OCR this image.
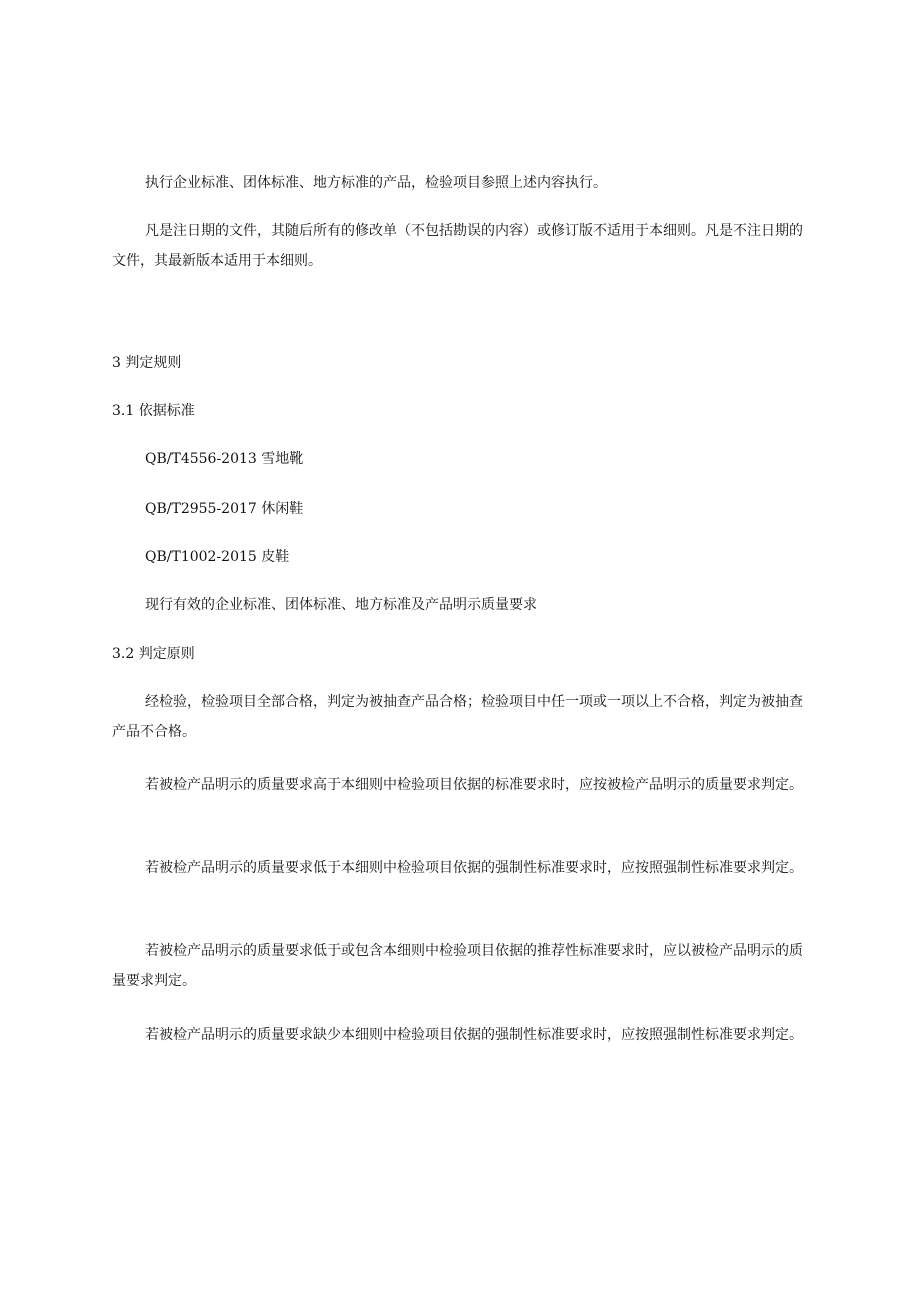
执行企业标准、团体标准、地方标准的产品，检验项目参照上述内容执行。
凡是注日期的文件，其随后所有的修改单（不包括勘误的内容）或修订版不适用于本细则。凡是不注日期的文件，其最新版本适用于本细则。
3 判定规则
3.1 依据标准
QB/T4556-2013 雪地靴
QB/T2955-2017 休闲鞋
QB/T1002-2015 皮鞋
现行有效的企业标准、团体标准、地方标准及产品明示质量要求
3.2 判定原则
经检验，检验项目全部合格，判定为被抽查产品合格；检验项目中任一项或一项以上不合格，判定为被抽查产品不合格。
若被检产品明示的质量要求高于本细则中检验项目依据的标准要求时，应按被检产品明示的质量要求判定。
若被检产品明示的质量要求低于本细则中检验项目依据的强制性标准要求时，应按照强制性标准要求判定。
若被检产品明示的质量要求低于或包含本细则中检验项目依据的推荐性标准要求时，应以被检产品明示的质量要求判定。
若被检产品明示的质量要求缺少本细则中检验项目依据的强制性标准要求时，应按照强制性标准要求判定。
